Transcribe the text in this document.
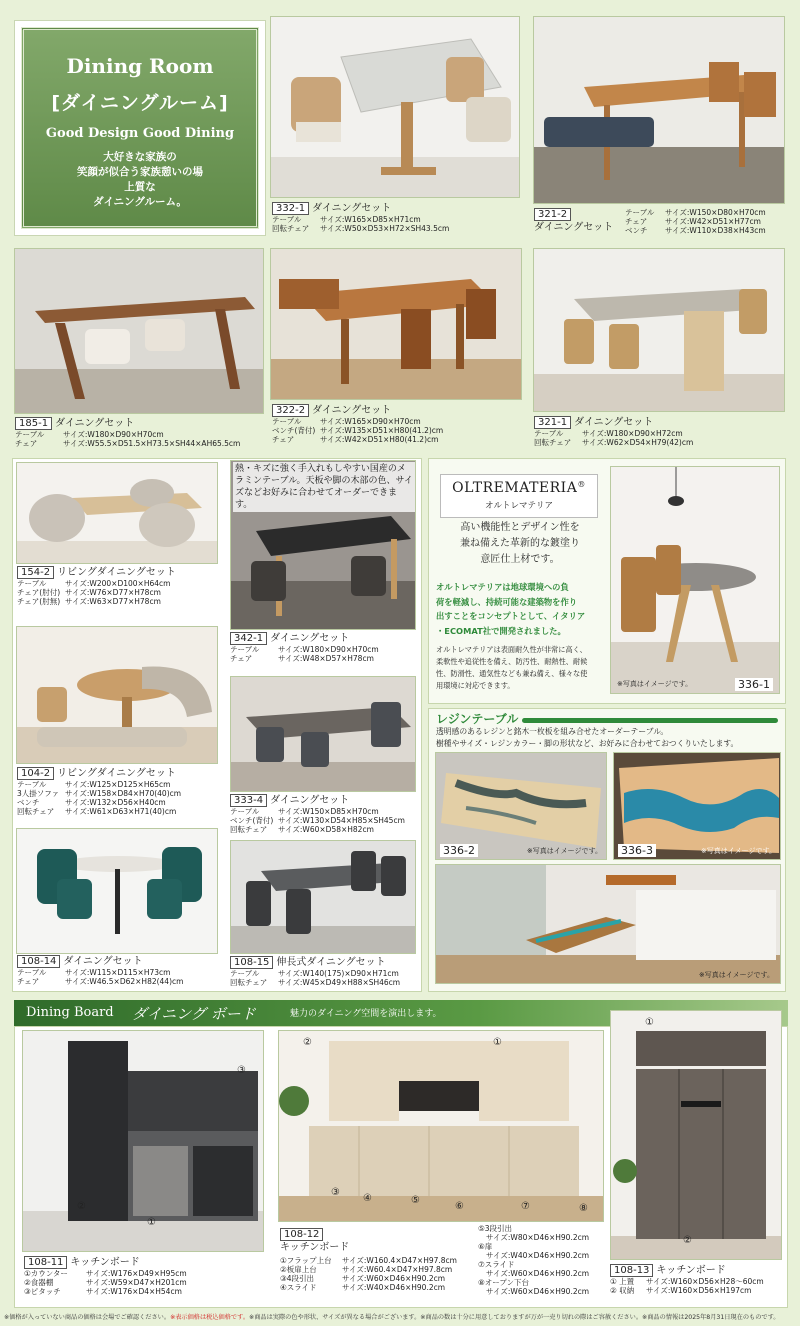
Dining Room
[ダイニングルーム]
Good Design Good Dining
大好きな家族の
笑顔が似合う家族憩いの場
上質な
ダイニングルーム。
332-1 ダイニングセット
テーブル サイズ:W165×D85×H71cm
回転チェア サイズ:W50×D53×H72×SH43.5cm
321-2
ダイニングセット
テーブル サイズ:W150×D80×H70cm
チェア サイズ:W42×D51×H77cm
ベンチ サイズ:W110×D38×H43cm
185-1 ダイニングセット
テーブル サイズ:W180×D90×H70cm
チェア	サイズ:W55.5×D51.5×H73.5×SH44×AH65.5cm
322-2 ダイニングセット
テーブル サイズ:W165×D90×H70cm
ベンチ(背付) サイズ:W135×D51×H80(41.2)cm
チェア	サイズ:W42×D51×H80(41.2)cm
321-1 ダイニングセット
テーブル サイズ:W180×D90×H72cm
回転チェア サイズ:W62×D54×H79(42)cm
154-2 リビングダイニングセット
テーブル サイズ:W200×D100×H64cm
チェア(肘付) サイズ:W76×D77×H78cm
チェア(肘無) サイズ:W63×D77×H78cm
熱・キズに強く手入れもしやすい国産のメラミンテーブル。天板や脚の木部の色、サイズなどお好みに合わせてオーダーできます。
342-1 ダイニングセット
テーブル サイズ:W180×D90×H70cm
チェア	サイズ:W48×D57×H78cm
104-2 リビングダイニングセット
テーブル サイズ:W125×D125×H65cm
3人掛ソファ サイズ:W158×D84×H70(40)cm
ベンチ	サイズ:W132×D56×H40cm
回転チェア サイズ:W61×D63×H71(40)cm
333-4 ダイニングセット
テーブル サイズ:W150×D85×H70cm
ベンチ(背付) サイズ:W130×D54×H85×SH45cm
回転チェア サイズ:W60×D58×H82cm
108-14 ダイニングセット
テーブル サイズ:W115×D115×H73cm
チェア	サイズ:W46.5×D62×H82(44)cm
108-15 伸長式ダイニングセット
テーブル サイズ:W140(175)×D90×H71cm
回転チェア サイズ:W45×D49×H88×SH46cm
OLTREMATERIA®
オルトレマテリア
高い機能性とデザイン性を
兼ね備えた革新的な鍍塗り
意匠仕上材です。
オルトレマテリアは地球環境への負
荷を軽減し、持続可能な建築物を作り
出すことをコンセプトとして、イタリア
・ECOMAT社で開発されました。
オルトレマテリアは表面耐久性が非常に高く、
柔軟性や追従性を備え、防汚性、耐熱性、耐候
性、防滑性、通気性なども兼ね備え、様々な使
用環境に対応できます。	※写真はイメージです。	336-1
レジンテーブル
透明感のあるレジンと銘木一枚板を組み合せたオーダーテーブル。
樹種やサイズ・レジンカラー・脚の形状など、お好みに合わせておつくりいたします。
336-2	※写真はイメージです。 336-3	※写真はイメージです。
※写真はイメージです。
Dining Board ダイニング ボード	魅力のダイニング空間を演出します。
②
③
①
108-11 キッチンボード
①カウンター サイズ:W176×D49×H95cm
②食器棚	サイズ:W59×D47×H201cm
③ピタッチ	サイズ:W176×D4×H54cm
②	①
③
④	⑤
⑥	⑦	⑧
108-12
キッチンボード
①フラップ上台 サイズ:W160.4×D47×H97.8cm
②板扉上台	サイズ:W60.4×D47×H97.8cm
③4段引出	サイズ:W60×D46×H90.2cm
④スライド	サイズ:W40×D46×H90.2cm
⑤3段引出
サイズ:W80×D46×H90.2cm
⑥扉
サイズ:W40×D46×H90.2cm
⑦スライド
サイズ:W60×D46×H90.2cm
⑧オープン下台
サイズ:W60×D46×H90.2cm
①
②
108-13 キッチンボード
① 上置 サイズ:W160×D56×H28〜60cm
② 収納 サイズ:W160×D56×H197cm
※価格が入っていない商品の価格は会場でご確認ください。※表示価格は税込価格です。※商品は実際の色や形状、サイズが異なる場合がございます。※商品の数は十分に用意しておりますが万が一売り切れの際はご容赦ください。※商品の情報は2025年8月31日現在のものです。
